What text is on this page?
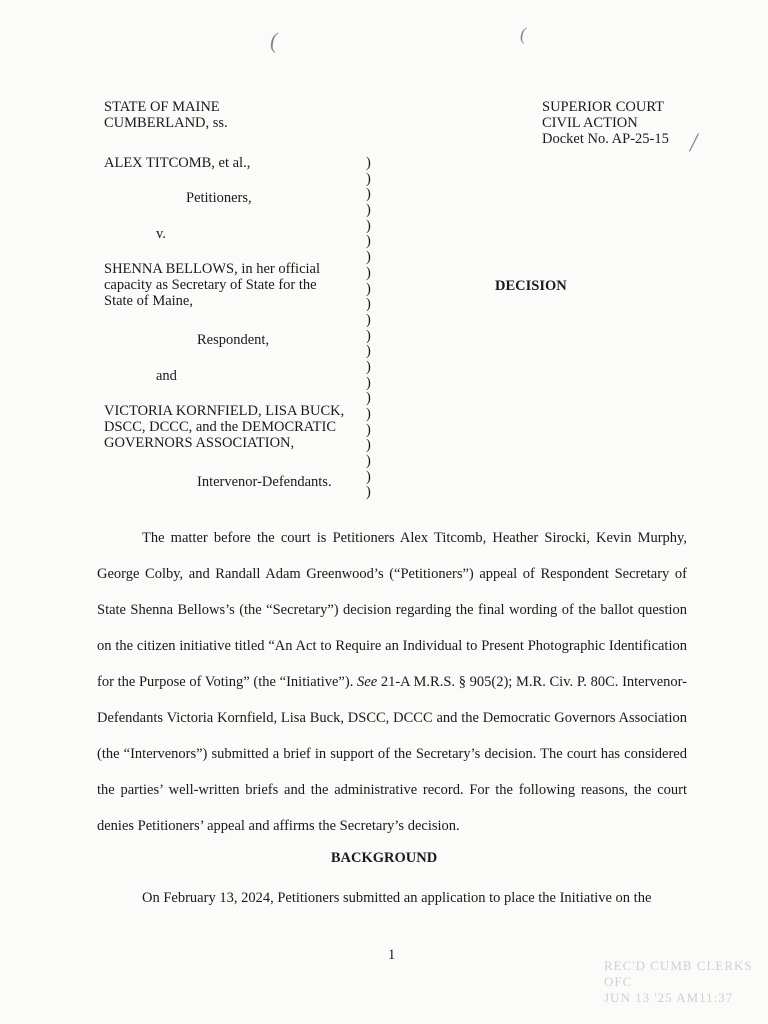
(	(
/
STATE OF MAINE
CUMBERLAND, ss.
SUPERIOR COURT
CIVIL ACTION
Docket No. AP-25-15
ALEX TITCOMB, et al.,
Petitioners,
v.
SHENNA BELLOWS, in her official
capacity as Secretary of State for the
State of Maine,
Respondent,
and
VICTORIA KORNFIELD, LISA BUCK,
DSCC, DCCC, and the DEMOCRATIC
GOVERNORS ASSOCIATION,
Intervenor-Defendants.
)
)
)
)
)
)
)
)
)
)
)
)
)
)
)
)
)
)
)
)
)
)
DECISION

The matter before the court is Petitioners Alex Titcomb, Heather Sirocki, Kevin Murphy, George Colby, and Randall Adam Greenwood’s (“Petitioners”) appeal of Respondent Secretary of State Shenna Bellows’s (the “Secretary”) decision regarding the final wording of the ballot question on the citizen initiative titled “An Act to Require an Individual to Present Photographic Identification for the Purpose of Voting” (the “Initiative”). See 21-A M.R.S. § 905(2); M.R. Civ. P. 80C. Intervenor-Defendants Victoria Kornfield, Lisa Buck, DSCC, DCCC and the Democratic Governors Association (the “Intervenors”) submitted a brief in support of the Secretary’s decision. The court has considered the parties’ well-written briefs and the administrative record. For the following reasons, the court denies Petitioners’ appeal and affirms the Secretary’s decision.

BACKGROUND

On February 13, 2024, Petitioners submitted an application to place the Initiative on the

1
REC'D CUMB CLERKS OFC
JUN 13 '25 AM11:37
